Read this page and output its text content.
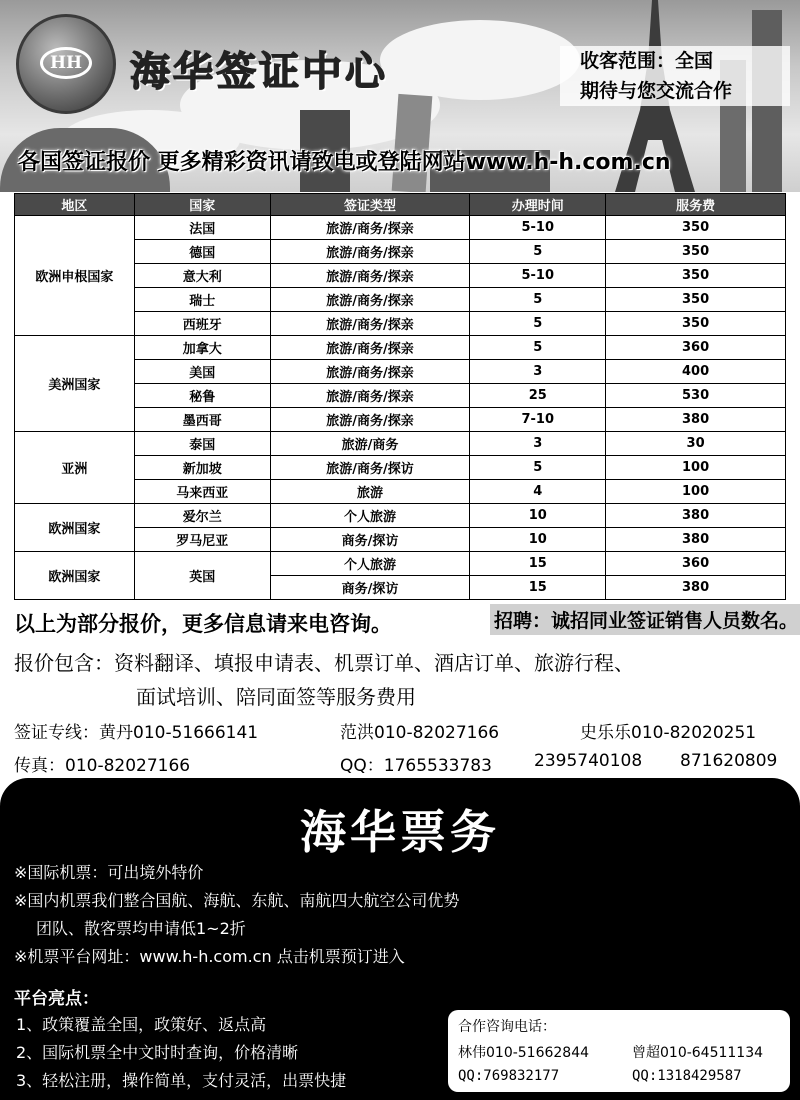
HH 海华签证中心	收客范围：全国
期待与您交流合作
各国签证报价 更多精彩资讯请致电或登陆网站www.h-h.com.cn
地区	国家	签证类型	办理时间	服务费
欧洲申根国家	法国	旅游/商务/探亲	5-10	350
	德国	旅游/商务/探亲	5	350
	意大利	旅游/商务/探亲	5-10	350
	瑞士	旅游/商务/探亲	5	350
	西班牙	旅游/商务/探亲	5	350
美洲国家	加拿大	旅游/商务/探亲	5	360
	美国	旅游/商务/探亲	3	400
	秘鲁	旅游/商务/探亲	25	530
	墨西哥	旅游/商务/探亲	7-10	380
亚洲	泰国	旅游/商务	3	30
	新加坡	旅游/商务/探访	5	100
	马来西亚	旅游	4	100
欧洲国家	爱尔兰	个人旅游	10	380
	罗马尼亚	商务/探访	10	380
欧洲国家	英国	个人旅游	15	360
		商务/探访	15	380
以上为部分报价，更多信息请来电咨询。	招聘：诚招同业签证销售人员数名。
报价包含：资料翻译、填报申请表、机票订单、酒店订单、旅游行程、
面试培训、陪同面签等服务费用
签证专线：黄丹010-51666141	范洪010-82027166	史乐乐010-82020251
传真：010-82027166	QQ：1765533783 2395740108 871620809
海华票务
※国际机票：可出境外特价
※国内机票我们整合国航、海航、东航、南航四大航空公司优势
团队、散客票均申请低1~2折
※机票平台网址：www.h-h.com.cn 点击机票预订进入
平台亮点：
1、政策覆盖全国，政策好、返点高
2、国际机票全中文时时查询，价格清晰
3、轻松注册，操作简单，支付灵活，出票快捷
合作咨询电话：
林伟010-51662844	曾超010-64511134
QQ:769832177	QQ:1318429587
